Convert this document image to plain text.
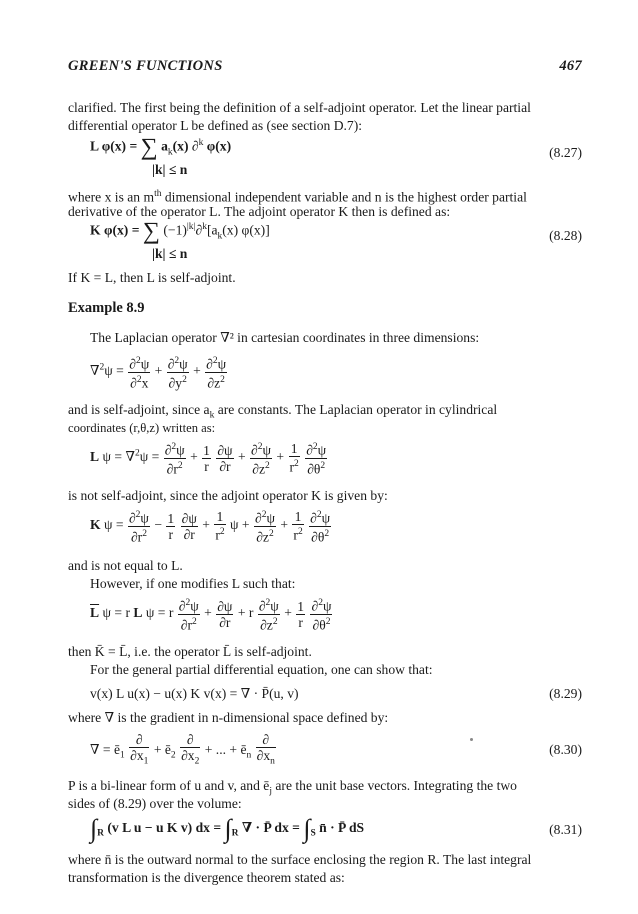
GREEN'S FUNCTIONS	467
clarified. The first being the definition of a self-adjoint operator. Let the linear partial
differential operator L be defined as (see section D.7):
L φ(x) = ∑ $a_k(x)$ ∂$^k$ φ(x)
|k| ≤ n
(8.27)
where x is an $m^{th}$ dimensional independent variable and n is the highest order partial
derivative of the operator L. The adjoint operator K then is defined as:
K φ(x) = ∑ $(-1)^{|k|}\partial^k[a_k(x)$ φ(x)]
|k| ≤ n
(8.28)
If K = L, then L is self-adjoint.
Example 8.9
The Laplacian operator ∇² in cartesian coordinates in three dimensions:
$\nabla^2\psi = \frac{\partial^2\psi}{\partial^2x} + \frac{\partial^2\psi}{\partial y^2} + \frac{\partial^2\psi}{\partial z^2}$
and is self-adjoint, since $a_k$ are constants. The Laplacian operator in cylindrical
coordinates (r,θ,z) written as:
L $\psi = \nabla^2\psi = \frac{\partial^2\psi}{\partial r^2} + \frac{1}{r}$
$\frac{\partial\psi}{\partial r} + \frac{\partial^2\psi}{\partial z^2} + \frac{1}{r^2}$
$\frac{\partial^2\psi}{\partial\theta^2}$
is not self-adjoint, since the adjoint operator K is given by:
K $\psi = \frac{\partial^2\psi}{\partial r^2} - \frac{1}{r}$
$\frac{\partial\psi}{\partial r} + \frac{1}{r^2}$ $\psi + \frac{\partial^2\psi}{\partial z^2} + \frac{1}{r^2}$
$\frac{\partial^2\psi}{\partial\theta^2}$
and is not equal to L.
However, if one modifies L such that:
$\overline{L}$ ψ = r L ψ = r $\frac{\partial^2\psi}{\partial r^2} + \frac{\partial\psi}{\partial r} + r \frac{\partial^2\psi}{\partial z^2} + \frac{1}{r}$
$\frac{\partial^2\psi}{\partial\theta^2}$
then K̄ = L̄, i.e. the operator L̄ is self-adjoint.
For the general partial differential equation, one can show that:
v(x) L u(x) − u(x) K v(x) = ∇ · P̄(u, v)	(8.29)
where ∇ is the gradient in n-dimensional space defined by:
∇ = $ē_1 \frac{\partial}{\partial x_1}$ + $ē_2 \frac{\partial}{\partial x_2}$ + ... + $ē_n \frac{\partial}{\partial x_n}$	(8.30)
P is a bi-linear form of u and v, and $ē_j$ are the unit base vectors. Integrating the two
sides of (8.29) over the volume:
$\int_R$ (v L u − u K v) dx = $\int_R$ ∇ · P̄ dx = $\int_S$ n̄ · P̄ dS	(8.31)
where n̄ is the outward normal to the surface enclosing the region R. The last integral
transformation is the divergence theorem stated as:
